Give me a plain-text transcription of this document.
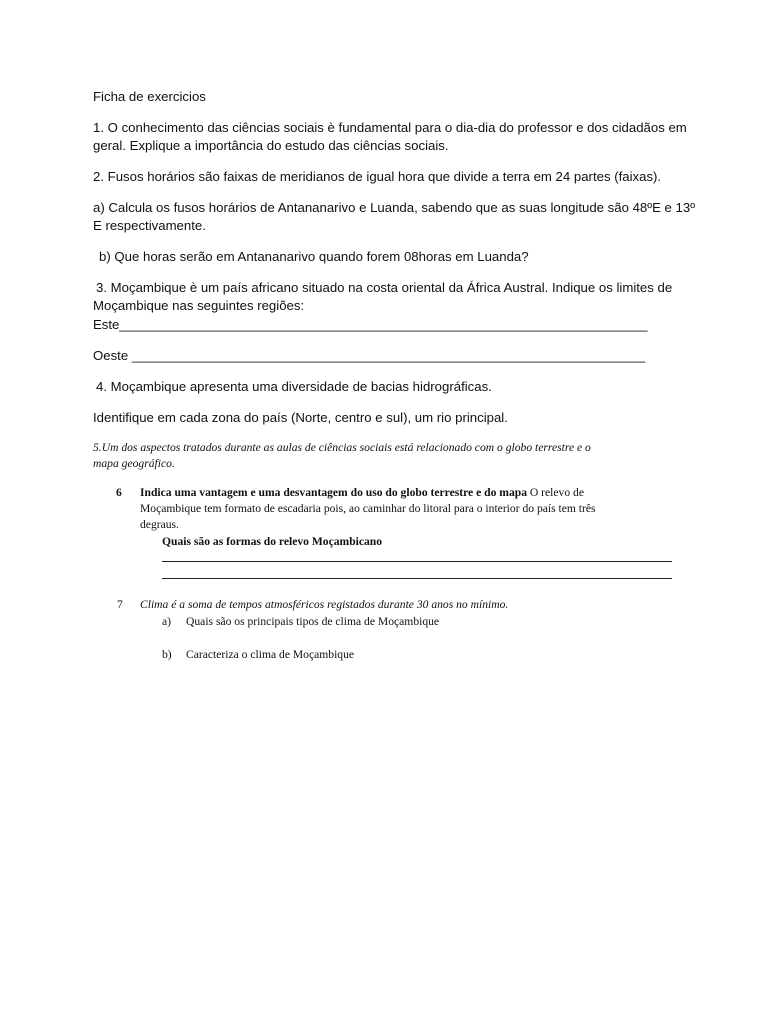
Ficha de exercicios

1. O conhecimento das ciências sociais è fundamental para o dia-dia do professor e dos cidadãos em

geral. Explique a importância do estudo das ciências sociais.

2. Fusos horários são faixas de meridianos de igual hora que divide a terra em 24 partes (faixas).

a) Calcula os fusos horários de Antananarivo e Luanda, sabendo que as suas longitude são 48ºE e 13º

E respectivamente.

b) Que horas serão em Antananarivo quando forem 08horas em Luanda?

3. Moçambique è um país africano situado na costa oriental da África Austral. Indique os limites de

Moçambique nas seguintes regiões:

Este________________________________________________________________________

Oeste ______________________________________________________________________

4. Moçambique apresenta uma diversidade de bacias hidrográficas.

Identifique em cada zona do país (Norte, centro e sul), um rio principal.

5.Um dos aspectos tratados durante as aulas de ciências sociais está relacionado com o globo terrestre e o

mapa geográfico.

6 Indica uma vantagem e uma desvantagem do uso do globo terrestre e do mapa O relevo de

Moçambique tem formato de escadaria pois, ao caminhar do litoral para o interior do país tem três

degraus.

Quais são as formas do relevo Moçambicano

7 Clima é a soma de tempos atmosféricos registados durante 30 anos no mínimo.

a) Quais são os principais tipos de clima de Moçambique

b) Caracteriza o clima de Moçambique
